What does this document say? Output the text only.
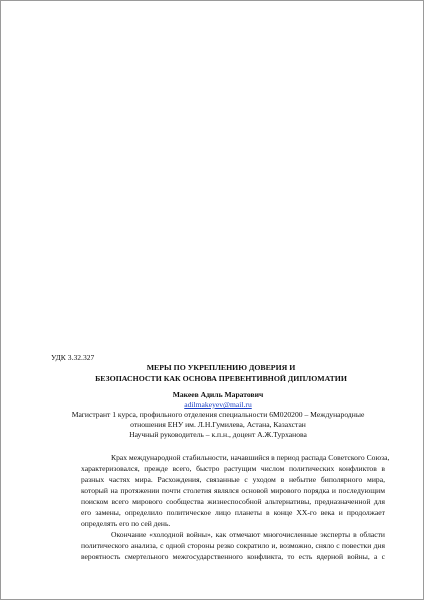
УДК 3.32.327

МЕРЫ ПО УКРЕПЛЕНИЮ ДОВЕРИЯ И

БЕЗОПАСНОСТИ КАК ОСНОВА ПРЕВЕНТИВНОЙ ДИПЛОМАТИИ

Макеев Адиль Маратович

adilmakeyev@mail.ru

Магистрант 1 курса, профильного отделения специальности 6M020200 – Международные

отношения ЕНУ им. Л.Н.Гумилева, Астана, Казахстан

Научный руководитель – к.п.н., доцент А.Ж.Турханова

Крах международной стабильности, начавшийся в период распада Советского Союза,
характеризовался, прежде всего, быстро растущим числом политических конфликтов в
разных частях мира. Расхождения, связанные с уходом в небытие биполярного мира,
который на протяжении почти столетия являлся основой мирового порядка и последующим
поиском всего мирового сообщества жизнеспособной альтернативы, предназначенной для
его замены, определило политическое лицо планеты в конце XX-го века и продолжает
определять его по сей день.
Окончание «холодной войны», как отмечают многочисленные эксперты в области
политического анализа, с одной стороны резко сократило и, возможно, сняло с повестки дня
вероятность смертельного межгосударственного конфликта, то есть ядерной войны, а с
